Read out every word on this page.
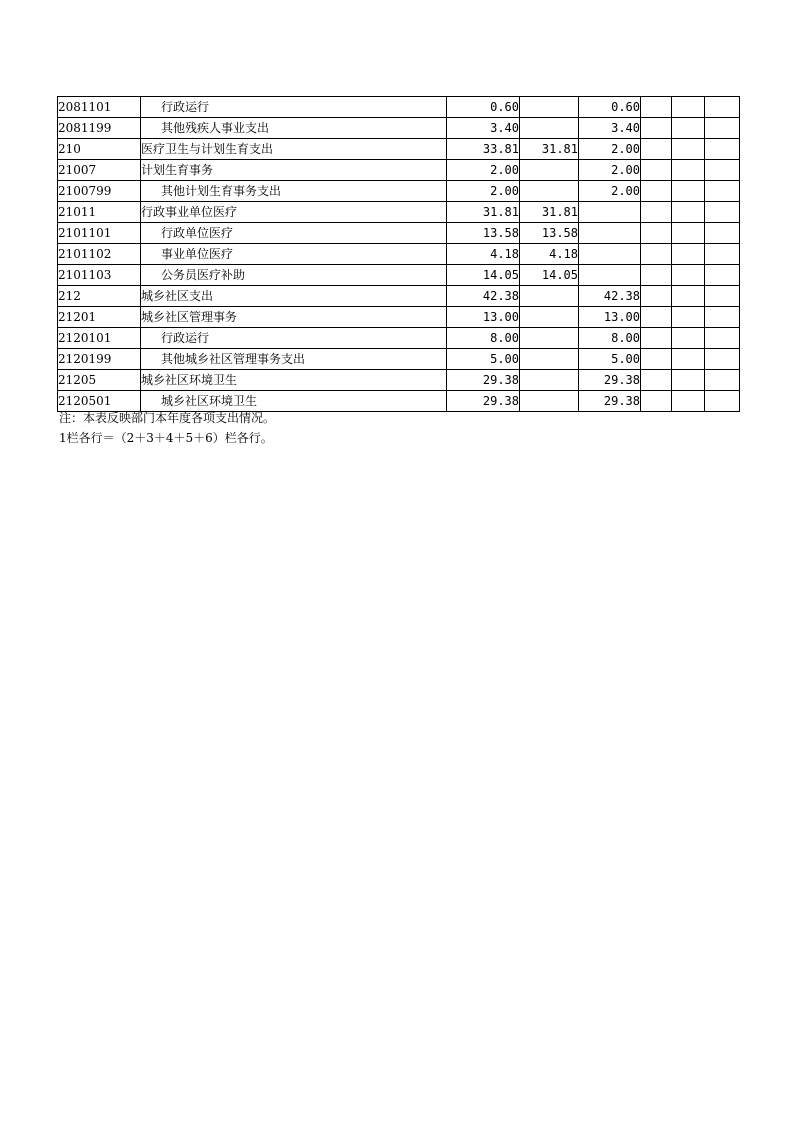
2081101	行政运行	0.60		0.60			
2081199	其他残疾人事业支出	3.40		3.40			
210	医疗卫生与计划生育支出	33.81	31.81	2.00			
21007	计划生育事务	2.00		2.00			
2100799	其他计划生育事务支出	2.00		2.00			
21011	行政事业单位医疗	31.81	31.81				
2101101	行政单位医疗	13.58	13.58				
2101102	事业单位医疗	4.18	4.18				
2101103	公务员医疗补助	14.05	14.05				
212	城乡社区支出	42.38		42.38			
21201	城乡社区管理事务	13.00		13.00			
2120101	行政运行	8.00		8.00			
2120199	其他城乡社区管理事务支出	5.00		5.00			
21205	城乡社区环境卫生	29.38		29.38			
2120501	城乡社区环境卫生	29.38		29.38			
注：本表反映部门本年度各项支出情况。
1栏各行＝（2＋3＋4＋5＋6）栏各行。
